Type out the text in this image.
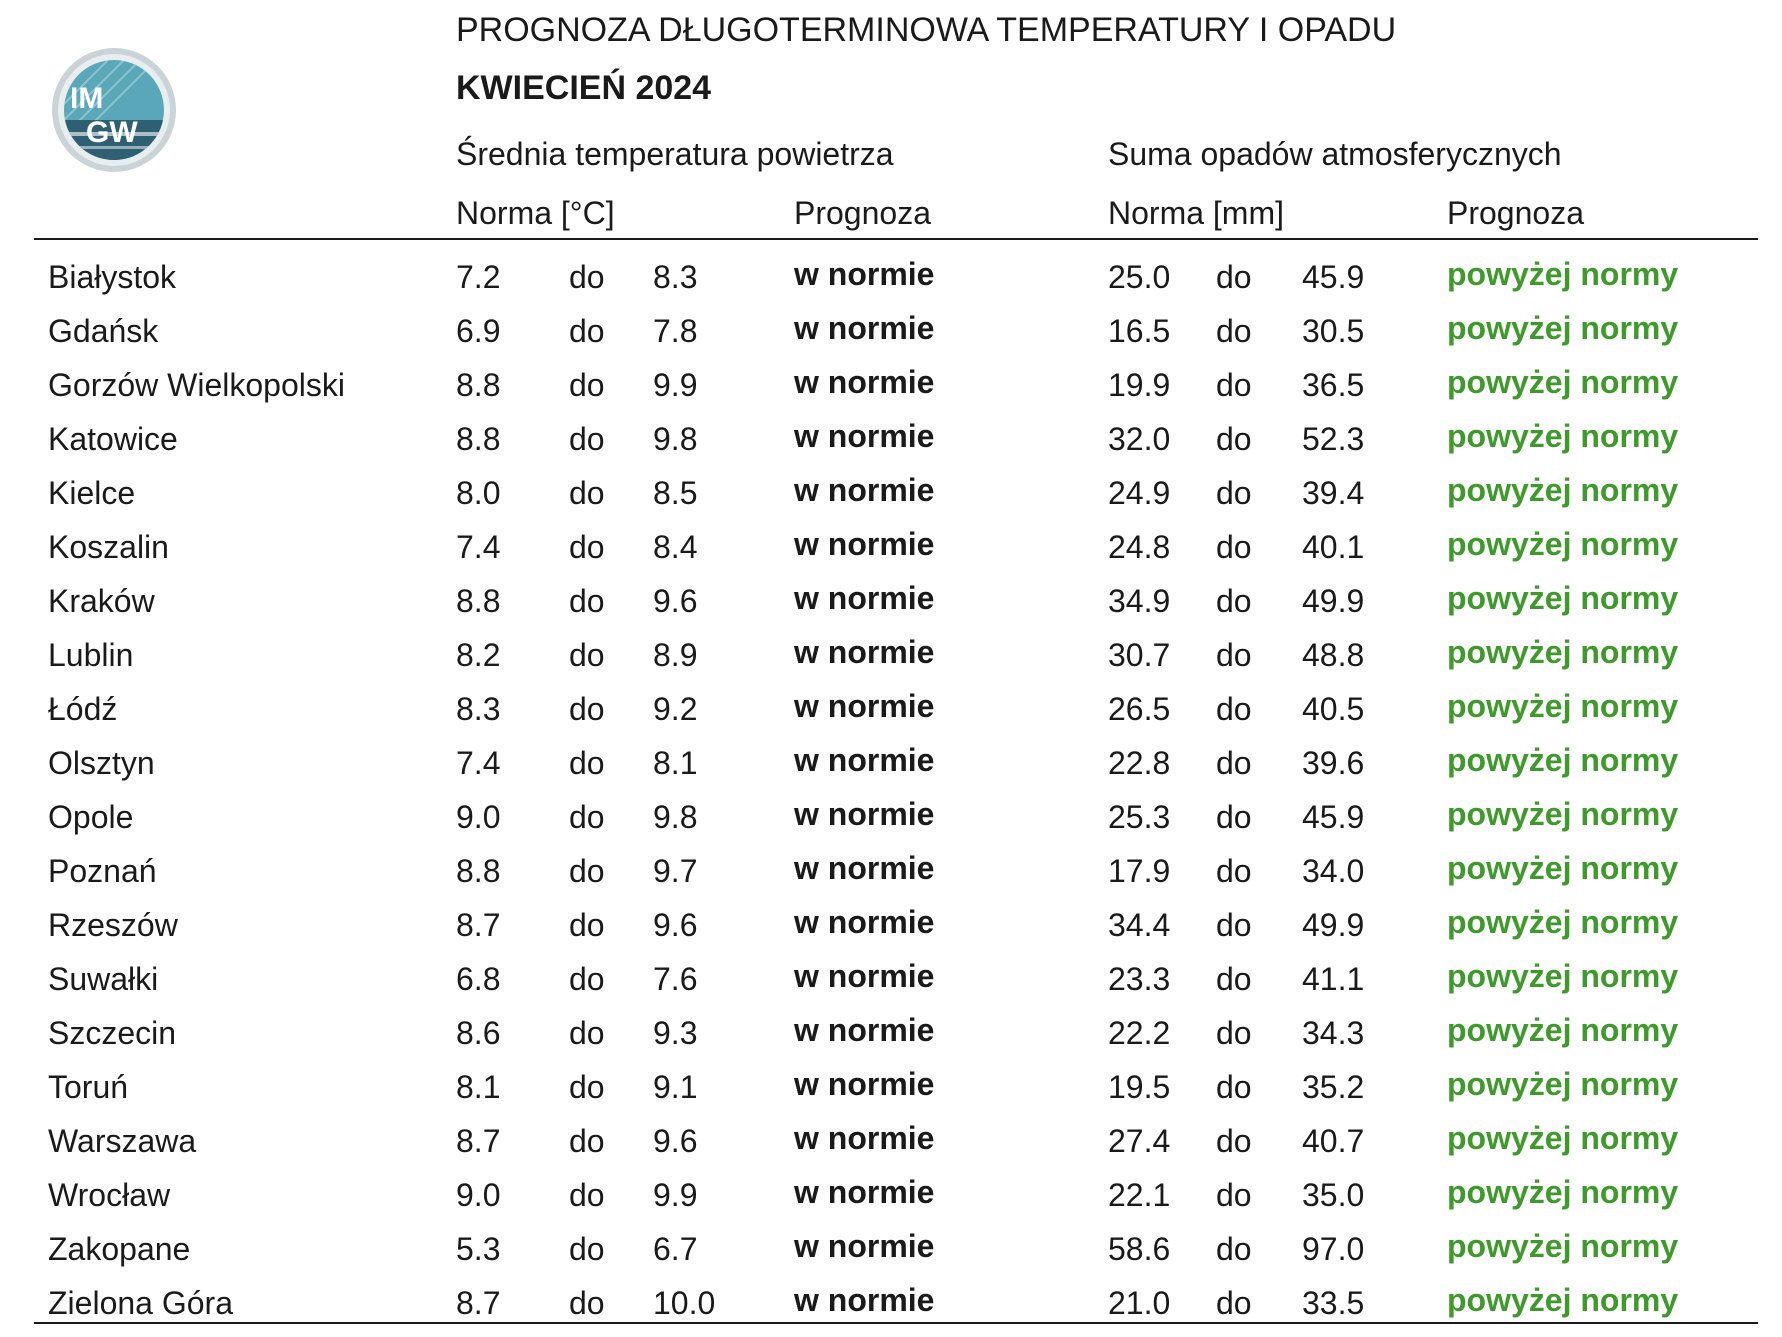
IM
GW
PROGNOZA DŁUGOTERMINOWA TEMPERATURY I OPADU
KWIECIEŃ 2024
Średnia temperatura powietrza	Suma opadów atmosferycznych
Norma [°C]	Prognoza	Norma [mm]	Prognoza
Białystok	7.2 do 8.3	w normie	25.0 do 45.9	powyżej normy
Gdańsk	6.9 do 7.8	w normie	16.5 do 30.5	powyżej normy
Gorzów Wielkopolski	8.8 do 9.9	w normie	19.9 do 36.5	powyżej normy
Katowice	8.8 do 9.8	w normie	32.0 do 52.3	powyżej normy
Kielce	8.0 do 8.5	w normie	24.9 do 39.4	powyżej normy
Koszalin	7.4 do 8.4	w normie	24.8 do 40.1	powyżej normy
Kraków	8.8 do 9.6	w normie	34.9 do 49.9	powyżej normy
Lublin	8.2 do 8.9	w normie	30.7 do 48.8	powyżej normy
Łódź	8.3 do 9.2	w normie	26.5 do 40.5	powyżej normy
Olsztyn	7.4 do 8.1	w normie	22.8 do 39.6	powyżej normy
Opole	9.0 do 9.8	w normie	25.3 do 45.9	powyżej normy
Poznań	8.8 do 9.7	w normie	17.9 do 34.0	powyżej normy
Rzeszów	8.7 do 9.6	w normie	34.4 do 49.9	powyżej normy
Suwałki	6.8 do 7.6	w normie	23.3 do 41.1	powyżej normy
Szczecin	8.6 do 9.3	w normie	22.2 do 34.3	powyżej normy
Toruń	8.1 do 9.1	w normie	19.5 do 35.2	powyżej normy
Warszawa	8.7 do 9.6	w normie	27.4 do 40.7	powyżej normy
Wrocław	9.0 do 9.9	w normie	22.1 do 35.0	powyżej normy
Zakopane	5.3 do 6.7	w normie	58.6 do 97.0	powyżej normy
Zielona Góra	8.7 do 10.0 w normie	21.0 do 33.5	powyżej normy
